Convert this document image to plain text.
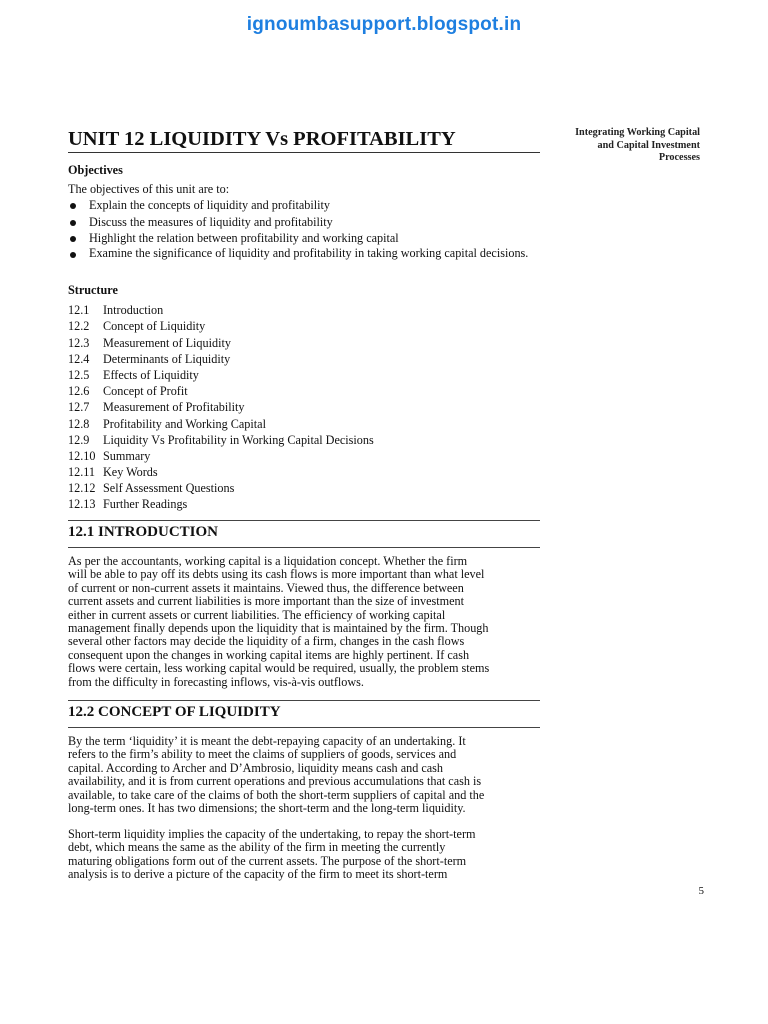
ignoumbasupport.blogspot.in
Integrating Working Capital
and Capital Investment
Processes
UNIT 12 LIQUIDITY Vs PROFITABILITY
Objectives
The objectives of this unit are to:
Explain the concepts of liquidity and profitability
Discuss the measures of liquidity and profitability
Highlight the relation between profitability and working capital
Examine the significance of liquidity and profitability in taking working capital decisions.
Structure
12.1	Introduction
12.2	Concept of Liquidity
12.3	Measurement of Liquidity
12.4	Determinants of Liquidity
12.5	Effects of Liquidity
12.6	Concept of Profit
12.7	Measurement of Profitability
12.8	Profitability and Working Capital
12.9	Liquidity Vs Profitability in Working Capital Decisions
12.10 Summary
12.11 Key Words
12.12 Self Assessment Questions
12.13 Further Readings
12.1 INTRODUCTION

As per the accountants, working capital is a liquidation concept. Whether the firm
will be able to pay off its debts using its cash flows is more important than what level
of current or non-current assets it maintains. Viewed thus, the difference between
current assets and current liabilities is more important than the size of investment
either in current assets or current liabilities. The efficiency of working capital
management finally depends upon the liquidity that is maintained by the firm. Though
several other factors may decide the liquidity of a firm, changes in the cash flows
consequent upon the changes in working capital items are highly pertinent. If cash
flows were certain, less working capital would be required, usually, the problem stems
from the difficulty in forecasting inflows, vis-à-vis outflows.

12.2 CONCEPT OF LIQUIDITY

By the term ‘liquidity’ it is meant the debt-repaying capacity of an undertaking. It
refers to the firm’s ability to meet the claims of suppliers of goods, services and
capital. According to Archer and D’Ambrosio, liquidity means cash and cash
availability, and it is from current operations and previous accumulations that cash is
available, to take care of the claims of both the short-term suppliers of capital and the
long-term ones. It has two dimensions; the short-term and the long-term liquidity.

Short-term liquidity implies the capacity of the undertaking, to repay the short-term
debt, which means the same as the ability of the firm in meeting the currently
maturing obligations form out of the current assets. The purpose of the short-term
analysis is to derive a picture of the capacity of the firm to meet its short-term

5
